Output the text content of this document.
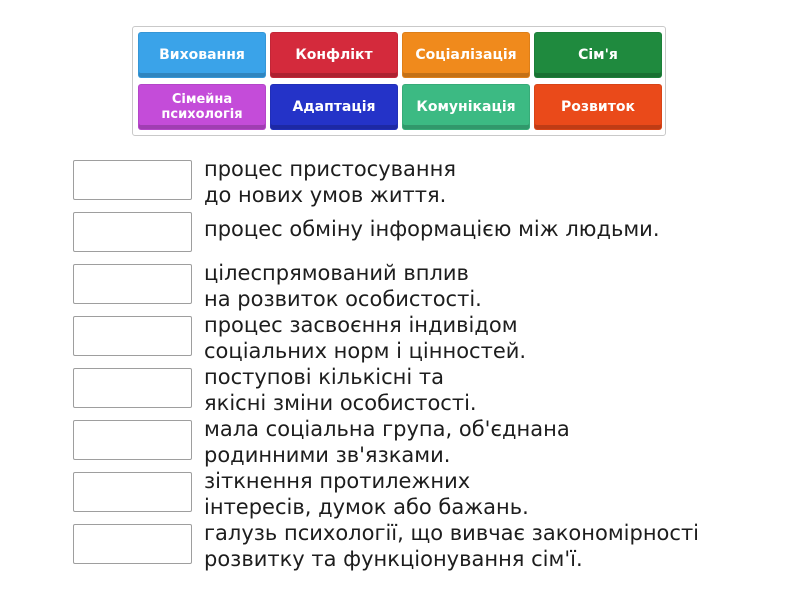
Виховання	Конфлікт	Соціалізація	Сім'я
Сімейна
психологія	Адаптація	Комунікація	Розвиток
процес пристосування
до нових умов життя.
процес обміну інформацією між людьми.
цілеспрямований вплив
на розвиток особистості.
процес засвоєння індивідом
соціальних норм і цінностей.
поступові кількісні та
якісні зміни особистості.
мала соціальна група, об'єднана
родинними зв'язками.
зіткнення протилежних
інтересів, думок або бажань.
галузь психології, що вивчає закономірності
розвитку та функціонування сім'ї.
